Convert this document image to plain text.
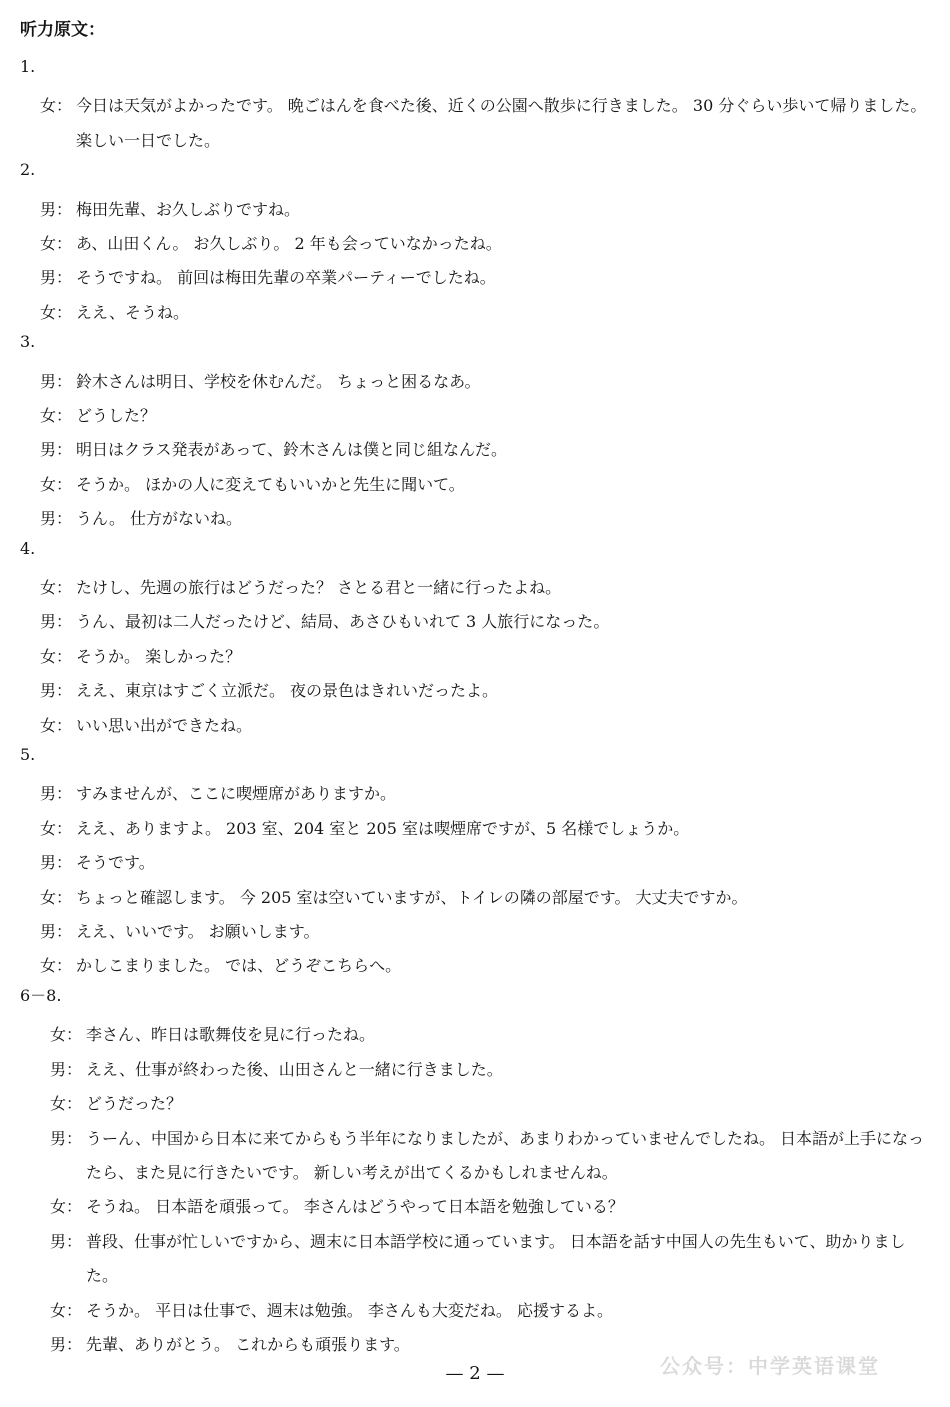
听力原文：
1.
女： 今日は天気がよかったです。 晩ごはんを食べた後、近くの公園へ散歩に行きました。 30 分ぐらい歩いて帰りました。 楽しい一日でした。
2.
男： 梅田先輩、お久しぶりですね。
女： あ、山田くん。 お久しぶり。 2 年も会っていなかったね。
男： そうですね。 前回は梅田先輩の卒業パーティーでしたね。
女： ええ、そうね。
3.
男： 鈴木さんは明日、学校を休むんだ。 ちょっと困るなあ。
女： どうした？
男： 明日はクラス発表があって、鈴木さんは僕と同じ組なんだ。
女： そうか。 ほかの人に変えてもいいかと先生に聞いて。
男： うん。 仕方がないね。
4.
女： たけし、先週の旅行はどうだった？ さとる君と一緒に行ったよね。
男： うん、最初は二人だったけど、結局、あさひもいれて 3 人旅行になった。
女： そうか。 楽しかった？
男： ええ、東京はすごく立派だ。 夜の景色はきれいだったよ。
女： いい思い出ができたね。
5.
男： すみませんが、ここに喫煙席がありますか。
女： ええ、ありますよ。 203 室、204 室と 205 室は喫煙席ですが、5 名様でしょうか。
男： そうです。
女： ちょっと確認します。 今 205 室は空いていますが、トイレの隣の部屋です。 大丈夫ですか。
男： ええ、いいです。 お願いします。
女： かしこまりました。 では、どうぞこちらへ。
6－8.
女： 李さん、昨日は歌舞伎を見に行ったね。
男： ええ、仕事が終わった後、山田さんと一緒に行きました。
女： どうだった？
男： うーん、中国から日本に来てからもう半年になりましたが、あまりわかっていませんでしたね。 日本語が上手になったら、また見に行きたいです。 新しい考えが出てくるかもしれませんね。
女： そうね。 日本語を頑張って。 李さんはどうやって日本語を勉強している？
男： 普段、仕事が忙しいですから、週末に日本語学校に通っています。 日本語を話す中国人の先生もいて、助かりました。
女： そうか。 平日は仕事で、週末は勉強。 李さんも大変だね。 応援するよ。
男： 先輩、ありがとう。 これからも頑張ります。
— 2 —	公众号：中学英语课堂
